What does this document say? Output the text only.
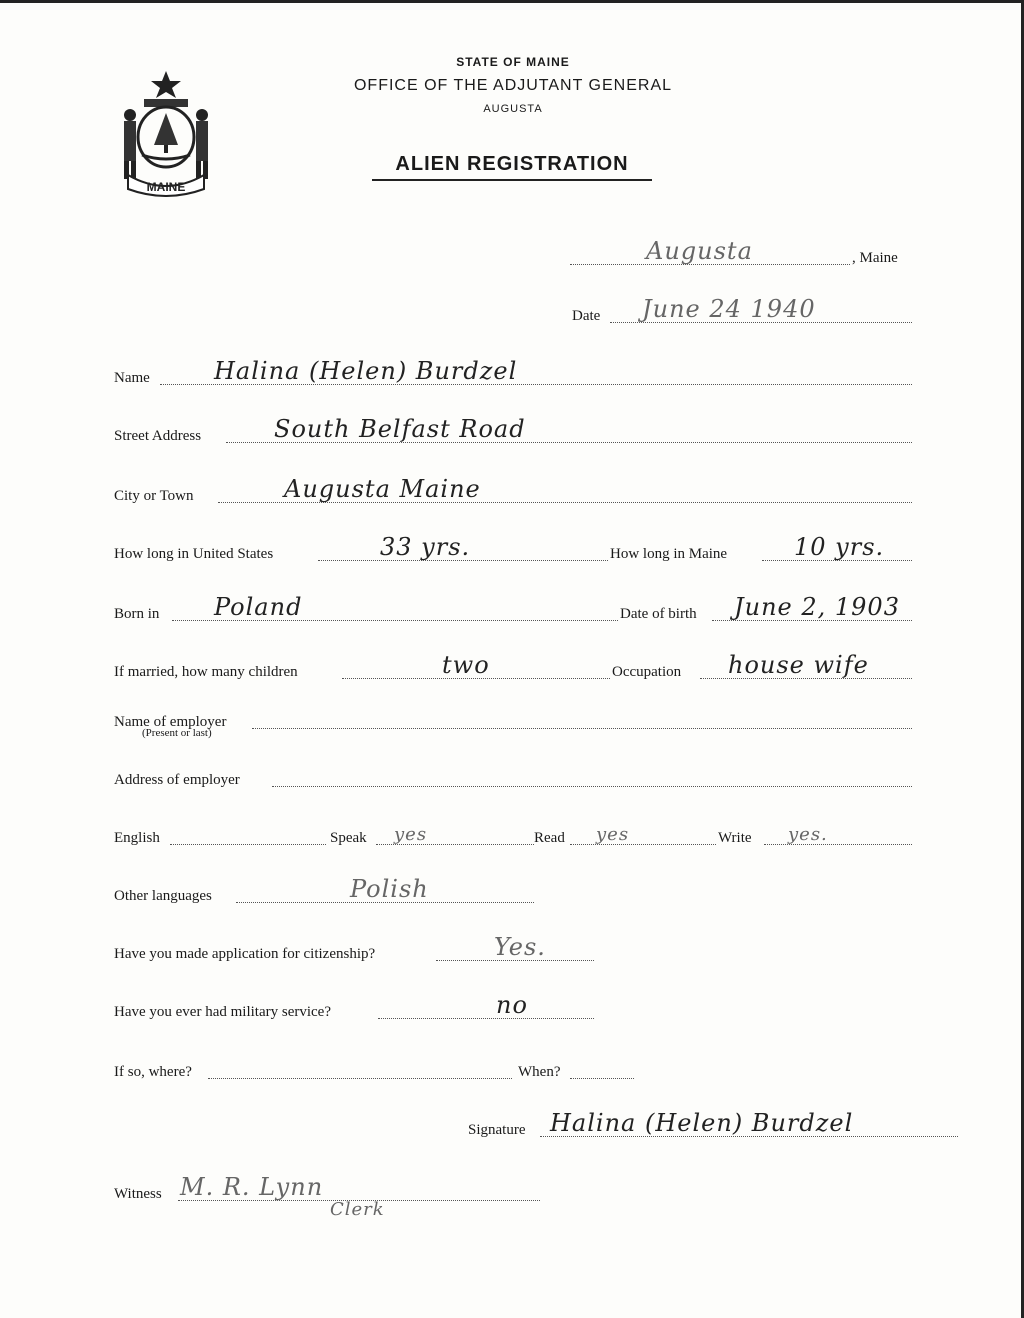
MAINE
STATE OF MAINE
OFFICE OF THE ADJUTANT GENERAL
AUGUSTA
ALIEN REGISTRATION
Augusta	, Maine
Date June 24 1940
Name	Halina (Helen) Burdzel
Street Address	South Belfast Road
City or Town	Augusta Maine
How long in United States	33 yrs.	How long in Maine	10 yrs.
Born in Poland	Date of birth June 2, 1903
If married, how many children	two	Occupation house wife
Name of employer
(Present or last)
Address of employer
English	Speak yes	Read yes	Write yes.
Other languages	Polish
Have you made application for citizenship?	Yes.
Have you ever had military service?	no
If so, where?	When?
Signature Halina (Helen) Burdzel
Witness M. R. Lynn
Clerk
